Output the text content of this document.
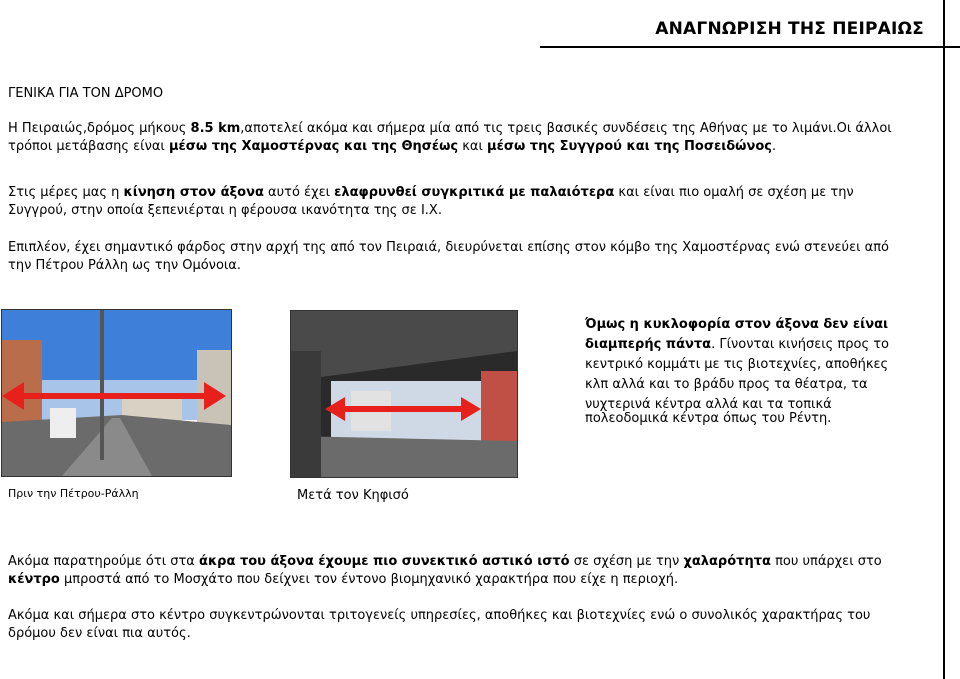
ΑΝΑΓΝΩΡΙΣΗ ΤΗΣ ΠΕΙΡΑΙΩΣ
ΓΕΝΙΚΑ ΓΙΑ ΤΟΝ ΔΡΟΜΟ
Η Πειραιώς,δρόμος μήκους 8.5 km,αποτελεί ακόμα και σήμερα μία από τις τρεις βασικές συνδέσεις της Αθήνας με το λιμάνι.Οι άλλοι τρόποι μετάβασης είναι μέσω της Χαμοστέρνας και της Θησέως και μέσω της Συγγρού και της Ποσειδώνος.
Στις μέρες μας η κίνηση στον άξονα αυτό έχει ελαφρυνθεί συγκριτικά με παλαιότερα και είναι πιο ομαλή σε σχέση με την Συγγρού, στην οποία ξεπενιέρται η φέρουσα ικανότητα της σε Ι.Χ.
Επιπλέον, έχει σημαντικό φάρδος στην αρχή της από τον Πειραιά, διευρύνεται επίσης στον κόμβο της Χαμοστέρνας ενώ στενεύει από την Πέτρου Ράλλη ως την Ομόνοια.
Όμως η κυκλοφορία στον άξονα δεν είναι διαμπερής πάντα. Γίνονται κινήσεις προς το κεντρικό κομμάτι με τις βιοτεχνίες, αποθήκες κλπ αλλά και το βράδυ προς τα θέατρα, τα νυχτερινά κέντρα αλλά και τα τοπικά
πολεοδομικά κέντρα όπως του Ρέντη.
Πριν την Πέτρου-Ράλλη	Μετά τον Κηφισό
Ακόμα παρατηρούμε ότι στα άκρα του άξονα έχουμε πιο συνεκτικό αστικό ιστό σε σχέση με την χαλαρότητα που υπάρχει στο κέντρο μπροστά από το Μοσχάτο που δείχνει τον έντονο βιομηχανικό χαρακτήρα που είχε η περιοχή.
Ακόμα και σήμερα στο κέντρο συγκεντρώνονται τριτογενείς υπηρεσίες, αποθήκες και βιοτεχνίες ενώ ο συνολικός χαρακτήρας του δρόμου δεν είναι πια αυτός.
